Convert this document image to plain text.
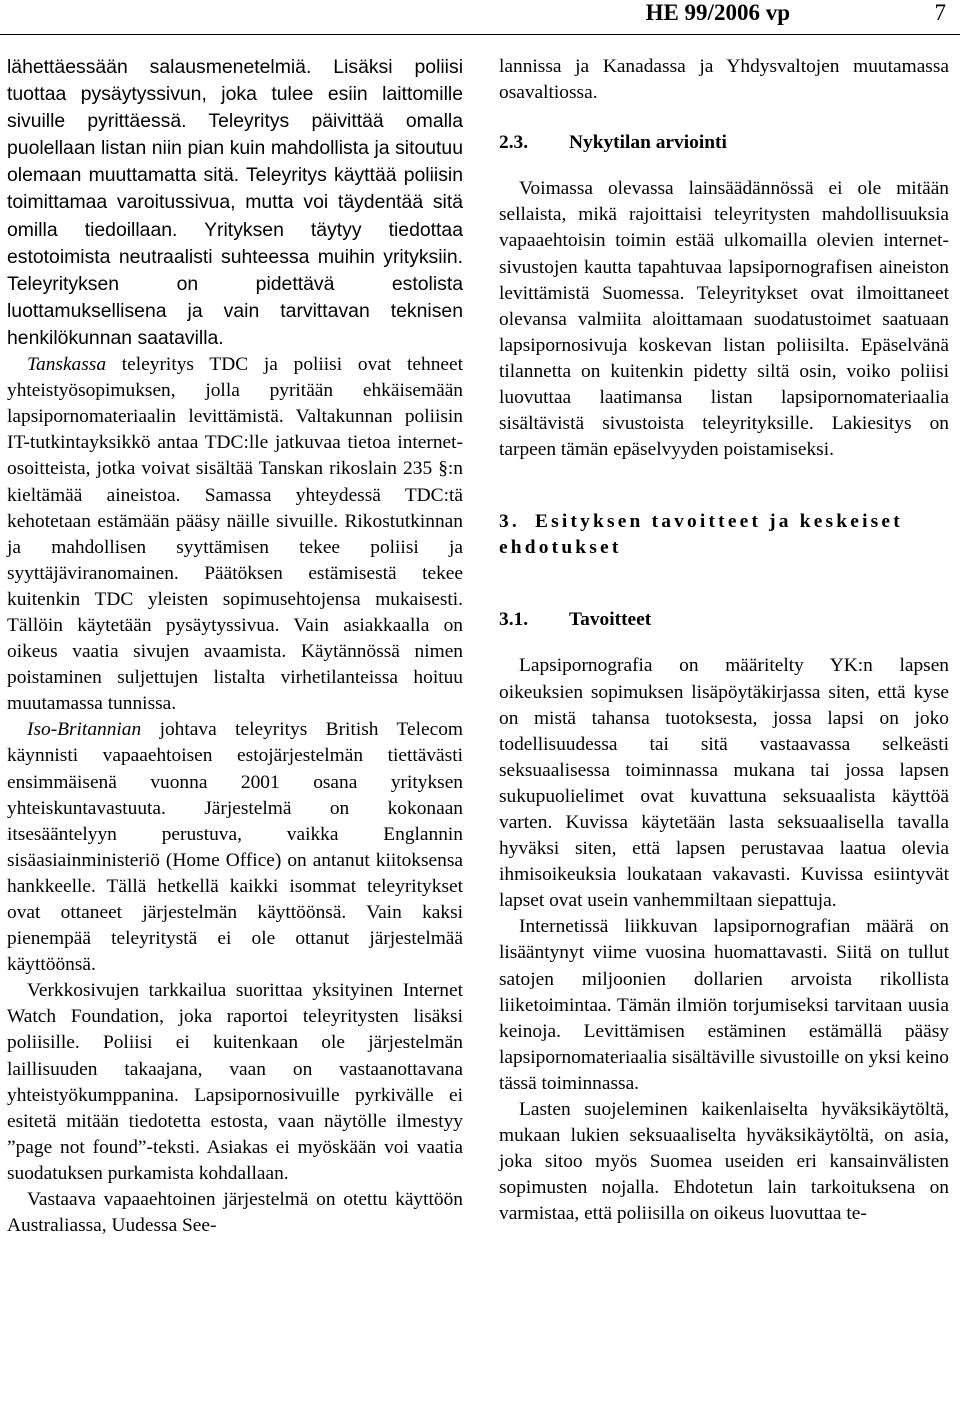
HE 99/2006 vp	7

lähettäessään salausmenetelmiä. Lisäksi poliisi tuottaa pysäytyssivun, joka tulee esiin laittomille sivuille pyrittäessä. Teleyritys päivittää omalla puolellaan listan niin pian kuin mahdollista ja sitoutuu olemaan muuttamatta sitä. Teleyritys käyttää poliisin toimittamaa varoitussivua, mutta voi täydentää sitä omilla tiedoillaan. Yrityksen täytyy tiedottaa estotoimista neutraalisti suhteessa muihin yrityksiin. Teleyrityksen on pidettävä estolista luottamuksellisena ja vain tarvittavan teknisen henkilökunnan saatavilla.

Tanskassa teleyritys TDC ja poliisi ovat tehneet yhteistyösopimuksen, jolla pyritään ehkäisemään lapsipornomateriaalin levittämistä. Valtakunnan poliisin IT-tutkintayksikkö antaa TDC:lle jatkuvaa tietoa internet-osoitteista, jotka voivat sisältää Tanskan rikoslain 235 §:n kieltämää aineistoa. Samassa yhteydessä TDC:tä kehotetaan estämään pääsy näille sivuille. Rikostutkinnan ja mahdollisen syyttämisen tekee poliisi ja syyttäjäviranomainen. Päätöksen estämisestä tekee kuitenkin TDC yleisten sopimusehtojensa mukaisesti. Tällöin käytetään pysäytyssivua. Vain asiakkaalla on oikeus vaatia sivujen avaamista. Käytännössä nimen poistaminen suljettujen listalta virhetilanteissa hoituu muutamassa tunnissa.

Iso-Britannian johtava teleyritys British Telecom käynnisti vapaaehtoisen estojärjestelmän tiettävästi ensimmäisenä vuonna 2001 osana yrityksen yhteiskuntavastuuta. Järjestelmä on kokonaan itsesääntelyyn perustuva, vaikka Englannin sisäasiainministeriö (Home Office) on antanut kiitoksensa hankkeelle. Tällä hetkellä kaikki isommat teleyritykset ovat ottaneet järjestelmän käyttöönsä. Vain kaksi pienempää teleyritystä ei ole ottanut järjestelmää käyttöönsä.

Verkkosivujen tarkkailua suorittaa yksityinen Internet Watch Foundation, joka raportoi teleyritysten lisäksi poliisille. Poliisi ei kuitenkaan ole järjestelmän laillisuuden takaajana, vaan on vastaanottavana yhteistyökumppanina. Lapsipornosivuille pyrkivälle ei esitetä mitään tiedotetta estosta, vaan näytölle ilmestyy ”page not found”-teksti. Asiakas ei myöskään voi vaatia suodatuksen purkamista kohdallaan.

Vastaava vapaaehtoinen järjestelmä on otettu käyttöön Australiassa, Uudessa See-

lannissa ja Kanadassa ja Yhdysvaltojen muutamassa osavaltiossa.

2.3. Nykytilan arviointi

Voimassa olevassa lainsäädännössä ei ole mitään sellaista, mikä rajoittaisi teleyritysten mahdollisuuksia vapaaehtoisin toimin estää ulkomailla olevien internet-sivustojen kautta tapahtuvaa lapsipornografisen aineiston levittämistä Suomessa. Teleyritykset ovat ilmoittaneet olevansa valmiita aloittamaan suodatustoimet saatuaan lapsipornosivuja koskevan listan poliisilta. Epäselvänä tilannetta on kuitenkin pidetty siltä osin, voiko poliisi luovuttaa laatimansa listan lapsipornomateriaalia sisältävistä sivustoista teleyrityksille. Lakiesitys on tarpeen tämän epäselvyyden poistamiseksi.

3. Esityksen tavoitteet ja keskeiset ehdotukset

3.1. Tavoitteet

Lapsipornografia on määritelty YK:n lapsen oikeuksien sopimuksen lisäpöytäkirjassa siten, että kyse on mistä tahansa tuotoksesta, jossa lapsi on joko todellisuudessa tai sitä vastaavassa selkeästi seksuaalisessa toiminnassa mukana tai jossa lapsen sukupuolielimet ovat kuvattuna seksuaalista käyttöä varten. Kuvissa käytetään lasta seksuaalisella tavalla hyväksi siten, että lapsen perustavaa laatua olevia ihmisoikeuksia loukataan vakavasti. Kuvissa esiintyvät lapset ovat usein vanhemmiltaan siepattuja.

Internetissä liikkuvan lapsipornografian määrä on lisääntynyt viime vuosina huomattavasti. Siitä on tullut satojen miljoonien dollarien arvoista rikollista liiketoimintaa. Tämän ilmiön torjumiseksi tarvitaan uusia keinoja. Levittämisen estäminen estämällä pääsy lapsipornomateriaalia sisältäville sivustoille on yksi keino tässä toiminnassa.

Lasten suojeleminen kaikenlaiselta hyväksikäytöltä, mukaan lukien seksuaaliselta hyväksikäytöltä, on asia, joka sitoo myös Suomea useiden eri kansainvälisten sopimusten nojalla. Ehdotetun lain tarkoituksena on varmistaa, että poliisilla on oikeus luovuttaa te-
